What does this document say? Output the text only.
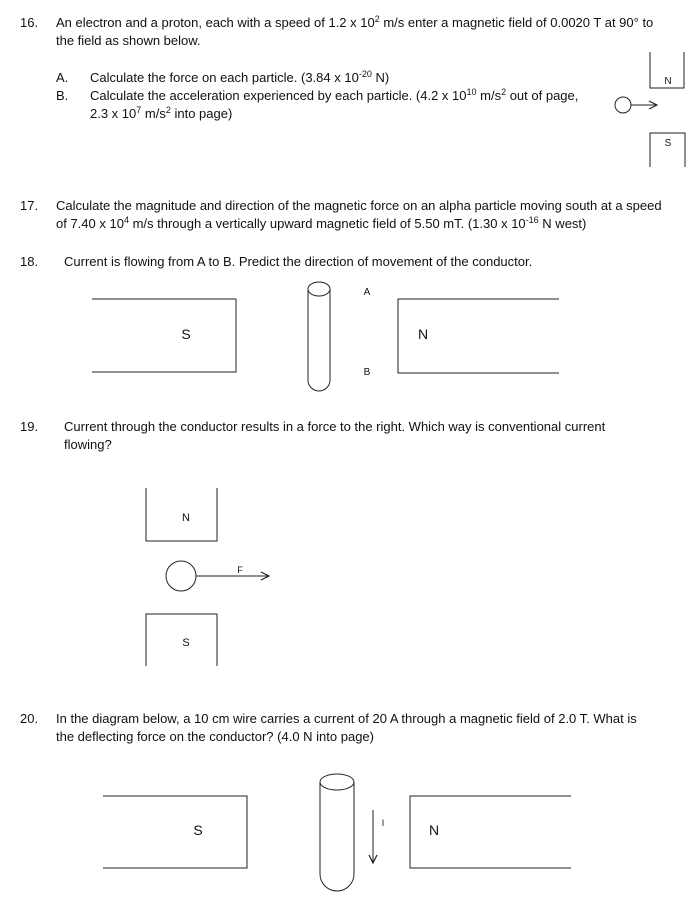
16. An electron and a proton, each with a speed of 1.2 x $10^2$ m/s enter a magnetic field of 0.0020 T at 90° to
the field as shown below.
A. Calculate the force on each particle. (3.84 x $10^{-20}$ N)
B. Calculate the acceleration experienced by each particle. (4.2 x $10^{10}$ $m/s^2$ out of page,
2.3 x $10^7$ $m/s^2$ into page)
17. Calculate the magnitude and direction of the magnetic force on an alpha particle moving south at a speed
of 7.40 x $10^4$ m/s through a vertically upward magnetic field of 5.50 mT. (1.30 x $10^{-16}$ N west)
18. Current is flowing from A to B. Predict the direction of movement of the conductor.
19. Current through the conductor results in a force to the right. Which way is conventional current
flowing?
20. In the diagram below, a 10 cm wire carries a current of 20 A through a magnetic field of 2.0 T. What is
the deflecting force on the conductor? (4.0 N into page)
N
S
S
A
B
N
N
F
S
S	I	N
